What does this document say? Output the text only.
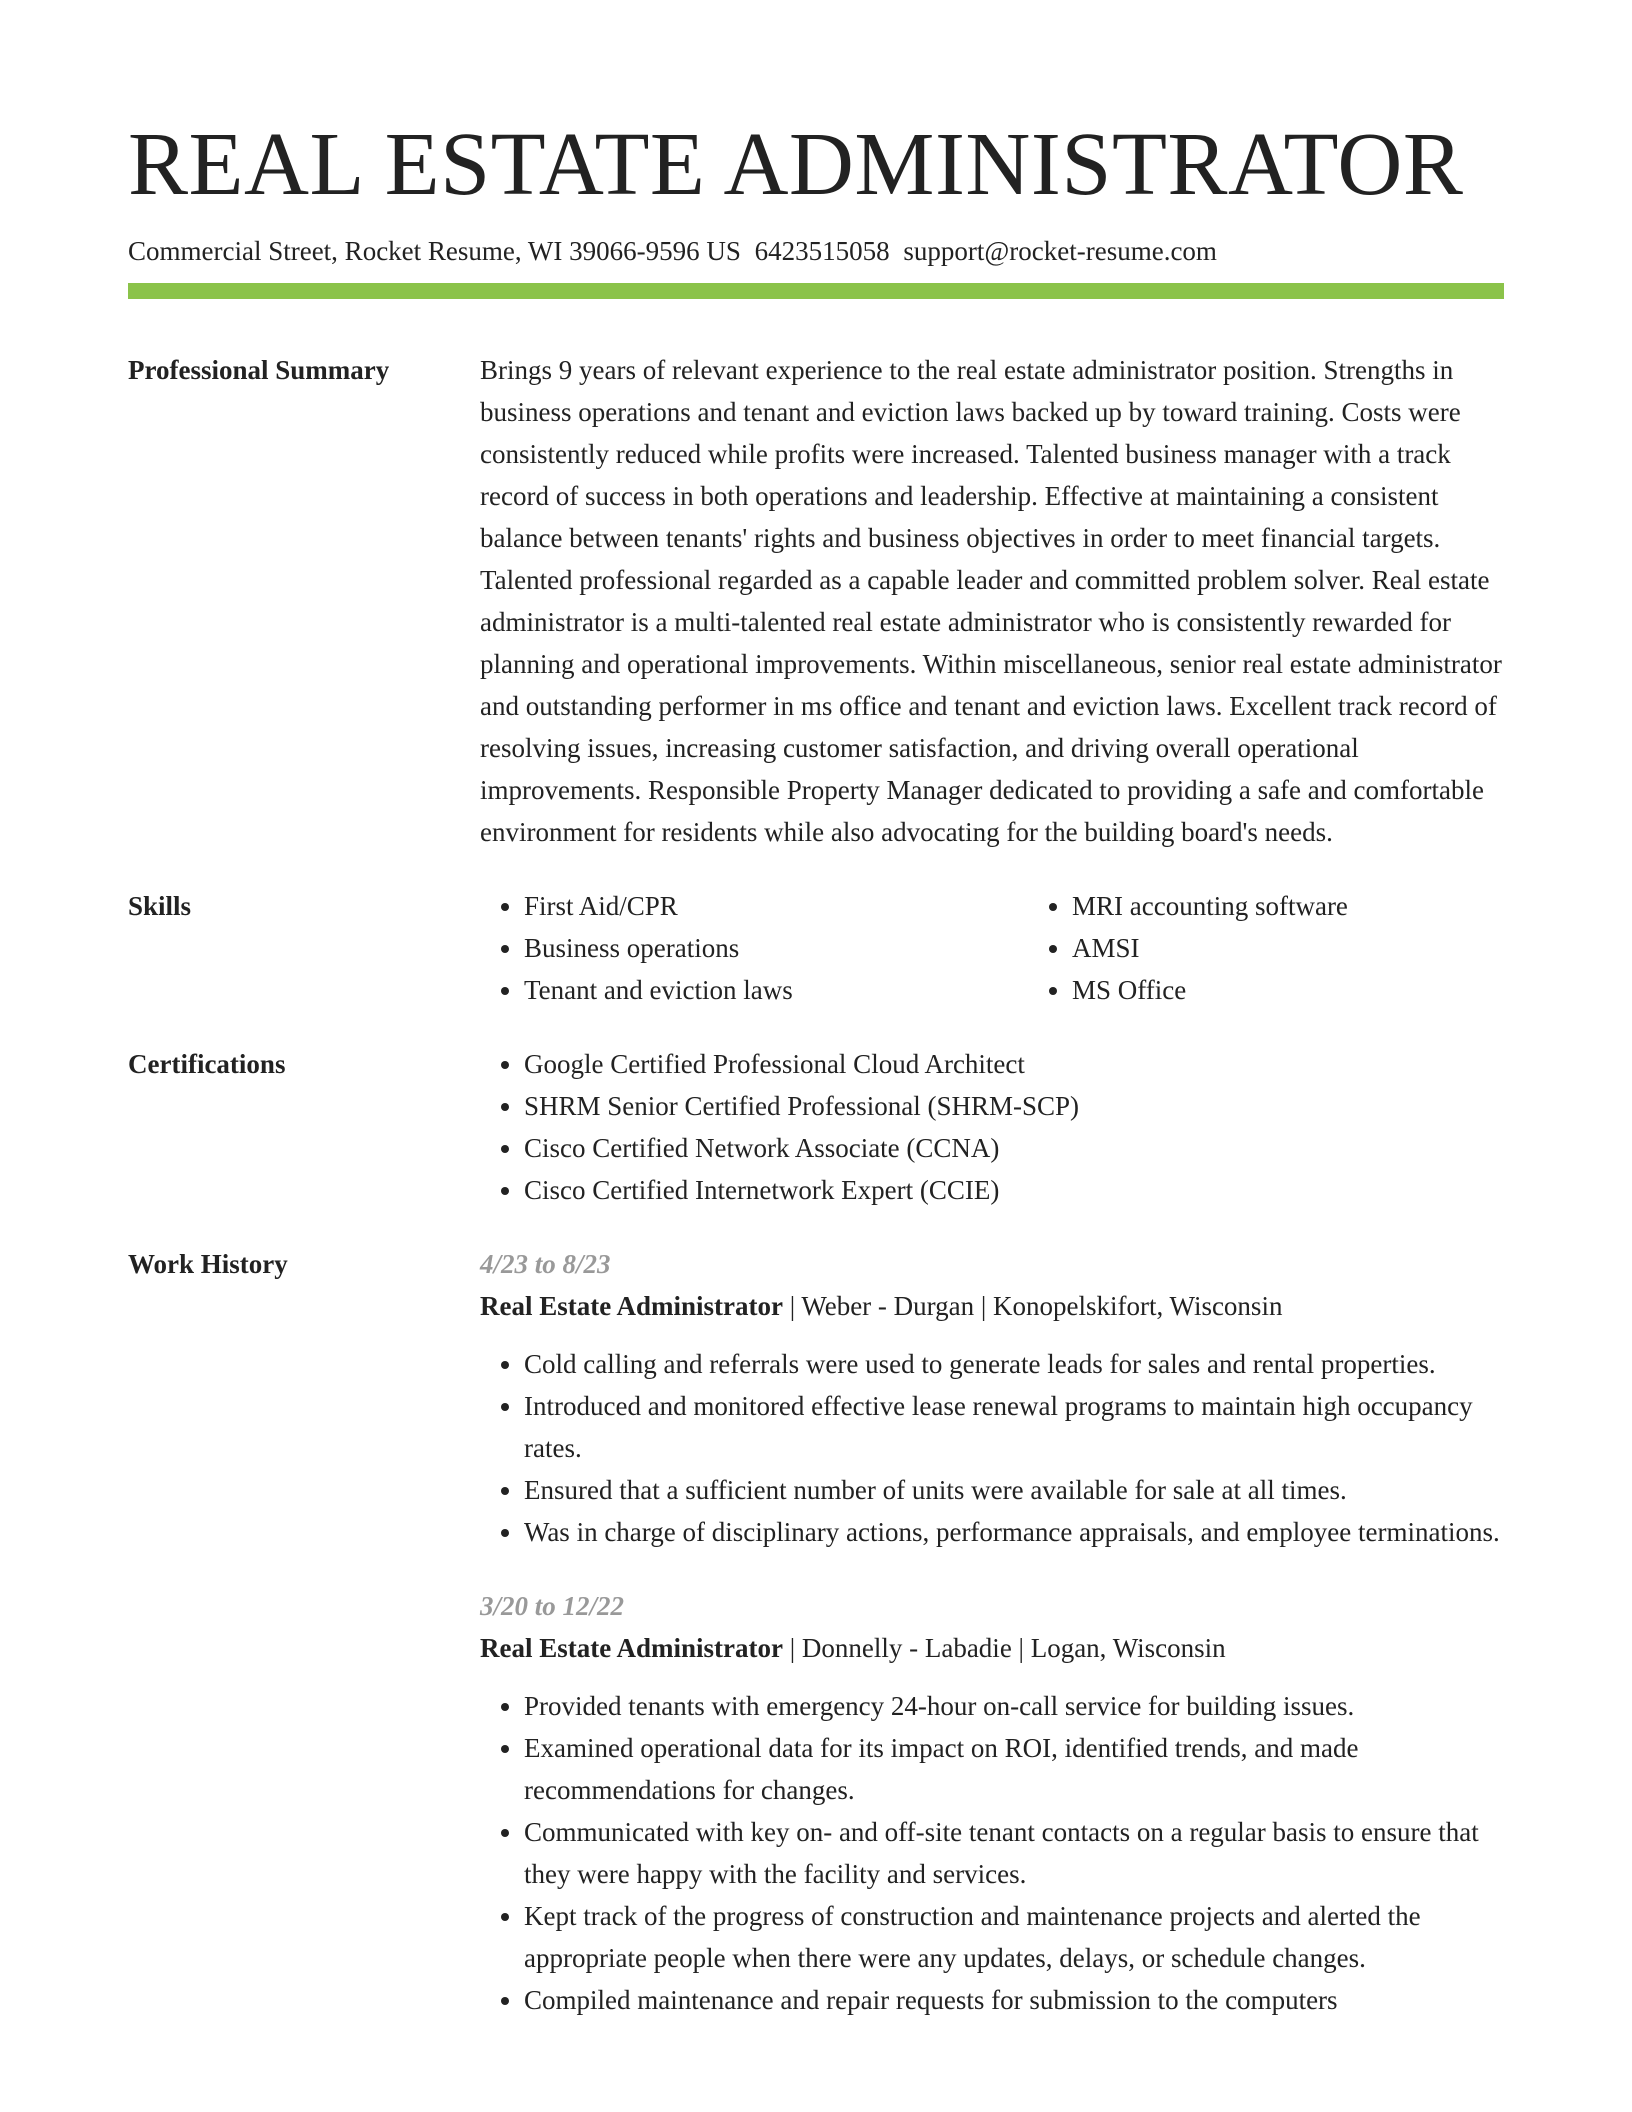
REAL ESTATE ADMINISTRATOR
Commercial Street, Rocket Resume, WI 39066-9596 US 6423515058 support@rocket-resume.com
Professional Summary	Brings 9 years of relevant experience to the real estate administrator position. Strengths in business operations and tenant and eviction laws backed up by toward training. Costs were consistently reduced while profits were increased. Talented business manager with a track record of success in both operations and leadership. Effective at maintaining a consistent balance between tenants' rights and business objectives in order to meet financial targets. Talented professional regarded as a capable leader and committed problem solver. Real estate administrator is a multi-talented real estate administrator who is consistently rewarded for planning and operational improvements. Within miscellaneous, senior real estate administrator and outstanding performer in ms office and tenant and eviction laws. Excellent track record of resolving issues, increasing customer satisfaction, and driving overall operational improvements. Responsible Property Manager dedicated to providing a safe and comfortable environment for residents while also advocating for the building board's needs.

Skills	• First Aid/CPR
• Business operations
• Tenant and eviction laws
• MRI accounting software
• AMSI
• MS Office
Certifications	• Google Certified Professional Cloud Architect
• SHRM Senior Certified Professional (SHRM-SCP)
• Cisco Certified Network Associate (CCNA)
• Cisco Certified Internetwork Expert (CCIE)
Work History	4/23 to 8/23
Real Estate Administrator | Weber - Durgan | Konopelskifort, Wisconsin
• Cold calling and referrals were used to generate leads for sales and rental properties.
• Introduced and monitored effective lease renewal programs to maintain high occupancy rates.
• Ensured that a sufficient number of units were available for sale at all times.
• Was in charge of disciplinary actions, performance appraisals, and employee terminations.
3/20 to 12/22
Real Estate Administrator | Donnelly - Labadie | Logan, Wisconsin
• Provided tenants with emergency 24-hour on-call service for building issues.
• Examined operational data for its impact on ROI, identified trends, and made recommendations for changes.
• Communicated with key on- and off-site tenant contacts on a regular basis to ensure that they were happy with the facility and services.
• Kept track of the progress of construction and maintenance projects and alerted the appropriate people when there were any updates, delays, or schedule changes.
• Compiled maintenance and repair requests for submission to the computers
